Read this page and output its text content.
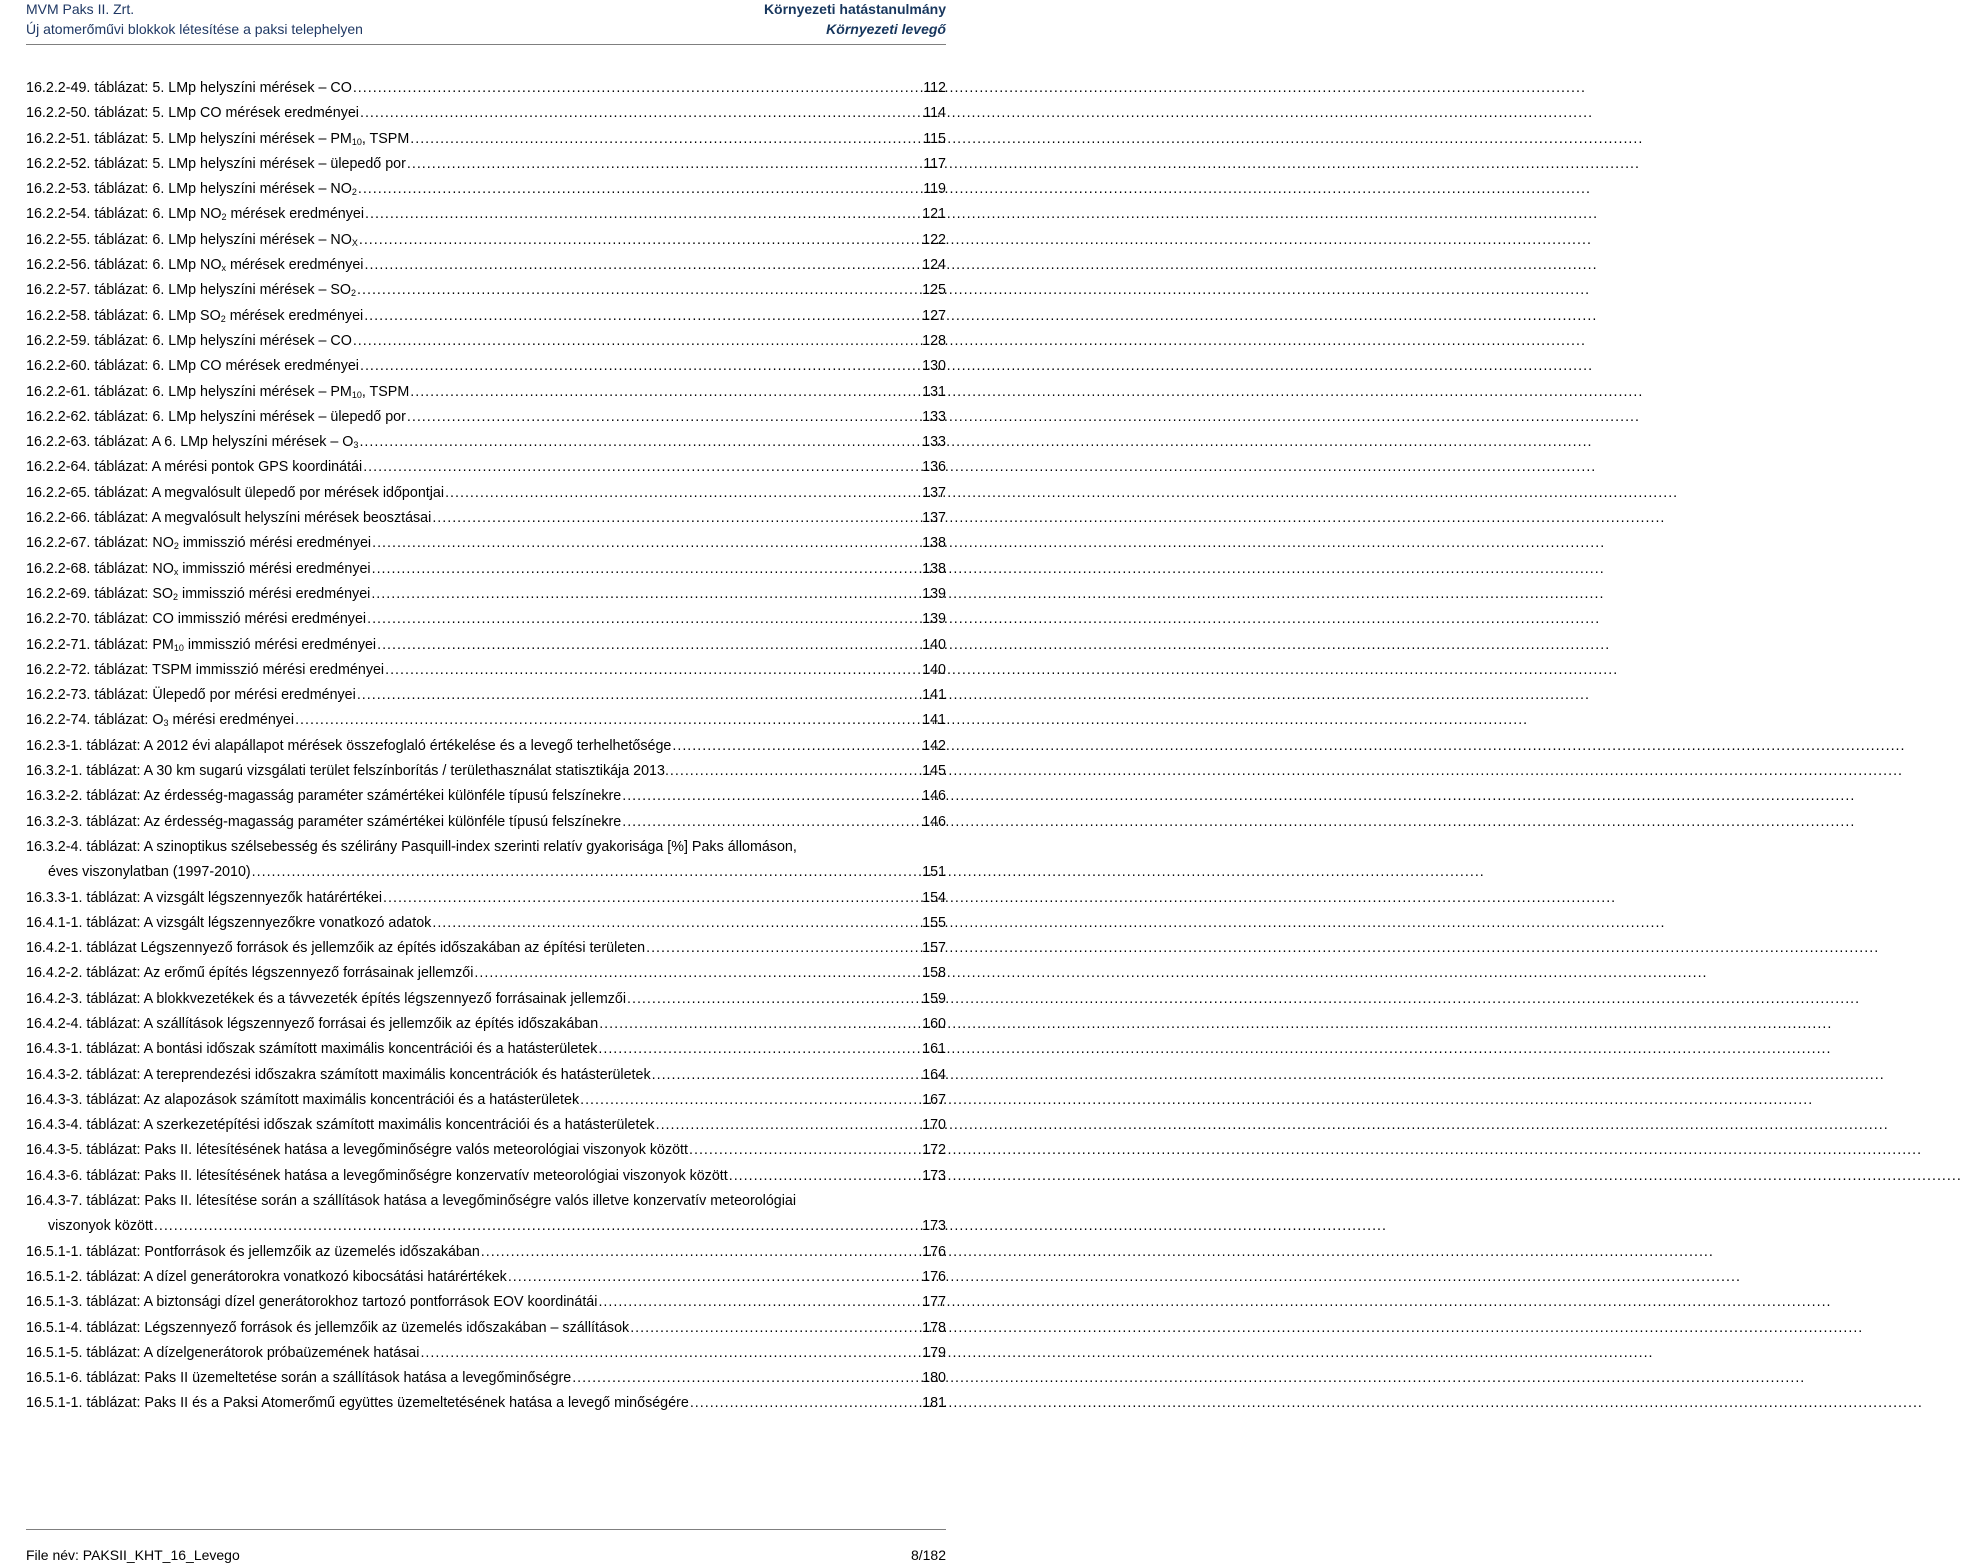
MVM Paks II. Zrt.
Új atomerőművi blokkok létesítése a paksi telephelyen
Környezeti hatástanulmány
Környezeti levegő
16.2.2-49. táblázat: 5. LMp helyszíni mérések – CO .....	112
16.2.2-50. táblázat: 5. LMp CO mérések eredményei .....	114
16.2.2-51. táblázat: 5. LMp helyszíni mérések – $PM_{10}$, TSPM .....	115
16.2.2-52. táblázat: 5. LMp helyszíni mérések – ülepedő por .....	117
16.2.2-53. táblázat: 6. LMp helyszíni mérések – $NO_2$ .....	119
16.2.2-54. táblázat: 6. LMp $NO_2$ mérések eredményei .....	121
16.2.2-55. táblázat: 6. LMp helyszíni mérések – $NO_X$ .....	122
16.2.2-56. táblázat: 6. LMp $NO_x$ mérések eredményei .....	124
16.2.2-57. táblázat: 6. LMp helyszíni mérések – $SO_2$ .....	125
16.2.2-58. táblázat: 6. LMp $SO_2$ mérések eredményei .....	127
16.2.2-59. táblázat: 6. LMp helyszíni mérések – CO .....	128
16.2.2-60. táblázat: 6. LMp CO mérések eredményei .....	130
16.2.2-61. táblázat: 6. LMp helyszíni mérések – $PM_{10}$, TSPM .....	131
16.2.2-62. táblázat: 6. LMp helyszíni mérések – ülepedő por .....	133
16.2.2-63. táblázat: A 6. LMp helyszíni mérések – $O_3$ .....	133
16.2.2-64. táblázat: A mérési pontok GPS koordinátái .....	136
16.2.2-65. táblázat: A megvalósult ülepedő por mérések időpontjai .....	137
16.2.2-66. táblázat: A megvalósult helyszíni mérések beosztásai .....	137
16.2.2-67. táblázat: $NO_2$ immisszió mérési eredményei .....	138
16.2.2-68. táblázat: $NO_x$ immisszió mérési eredményei .....	138
16.2.2-69. táblázat: $SO_2$ immisszió mérési eredményei .....	139
16.2.2-70. táblázat: CO immisszió mérési eredményei .....	139
16.2.2-71. táblázat: $PM_{10}$ immisszió mérési eredményei .....	140
16.2.2-72. táblázat: TSPM immisszió mérési eredményei .....	140
16.2.2-73. táblázat: Ülepedő por mérési eredményei .....	141
16.2.2-74. táblázat: $O_3$ mérési eredményei .....	141
16.2.3-1. táblázat: A 2012 évi alapállapot mérések összefoglaló értékelése és a levegő terhelhetősége .....	142
16.3.2-1. táblázat: A 30 km sugarú vizsgálati terület felszínborítás / területhasználat statisztikája 2013. .....	145
16.3.2-2. táblázat: Az érdesség-magasság paraméter számértékei különféle típusú felszínekre .....	146
16.3.2-3. táblázat: Az érdesség-magasság paraméter számértékei különféle típusú felszínekre .....	146
16.3.2-4. táblázat: A szinoptikus szélsebesség és szélirány Pasquill-index szerinti relatív gyakorisága [%] Paks állomáson,
éves viszonylatban (1997-2010) .....	151
16.3.3-1. táblázat: A vizsgált légszennyezők határértékei .....	154
16.4.1-1. táblázat: A vizsgált légszennyezőkre vonatkozó adatok .....	155
16.4.2-1. táblázat Légszennyező források és jellemzőik az építés időszakában az építési területen .....	157
16.4.2-2. táblázat: Az erőmű építés légszennyező forrásainak jellemzői .....	158
16.4.2-3. táblázat: A blokkvezetékek és a távvezeték építés légszennyező forrásainak jellemzői .....	159
16.4.2-4. táblázat: A szállítások légszennyező forrásai és jellemzőik az építés időszakában .....	160
16.4.3-1. táblázat: A bontási időszak számított maximális koncentrációi és a hatásterületek .....	161
16.4.3-2. táblázat: A tereprendezési időszakra számított maximális koncentrációk és hatásterületek .....	164
16.4.3-3. táblázat: Az alapozások számított maximális koncentrációi és a hatásterületek .....	167
16.4.3-4. táblázat: A szerkezetépítési időszak számított maximális koncentrációi és a hatásterületek .....	170
16.4.3-5. táblázat: Paks II. létesítésének hatása a levegőminőségre valós meteorológiai viszonyok között .....	172
16.4.3-6. táblázat: Paks II. létesítésének hatása a levegőminőségre konzervatív meteorológiai viszonyok között .....	173
16.4.3-7. táblázat: Paks II. létesítése során a szállítások hatása a levegőminőségre valós illetve konzervatív meteorológiai
viszonyok között .....	173
16.5.1-1. táblázat: Pontforrások és jellemzőik az üzemelés időszakában .....	176
16.5.1-2. táblázat: A dízel generátorokra vonatkozó kibocsátási határértékek .....	176
16.5.1-3. táblázat: A biztonsági dízel generátorokhoz tartozó pontforrások EOV koordinátái .....	177
16.5.1-4. táblázat: Légszennyező források és jellemzőik az üzemelés időszakában – szállítások .....	178
16.5.1-5. táblázat: A dízelgenerátorok próbaüzemének hatásai .....	179
16.5.1-6. táblázat: Paks II üzemeltetése során a szállítások hatása a levegőminőségre .....	180
16.5.1-1. táblázat: Paks II és a Paksi Atomerőmű együttes üzemeltetésének hatása a levegő minőségére .....	181
File név: PAKSII_KHT_16_Levego	8/182
